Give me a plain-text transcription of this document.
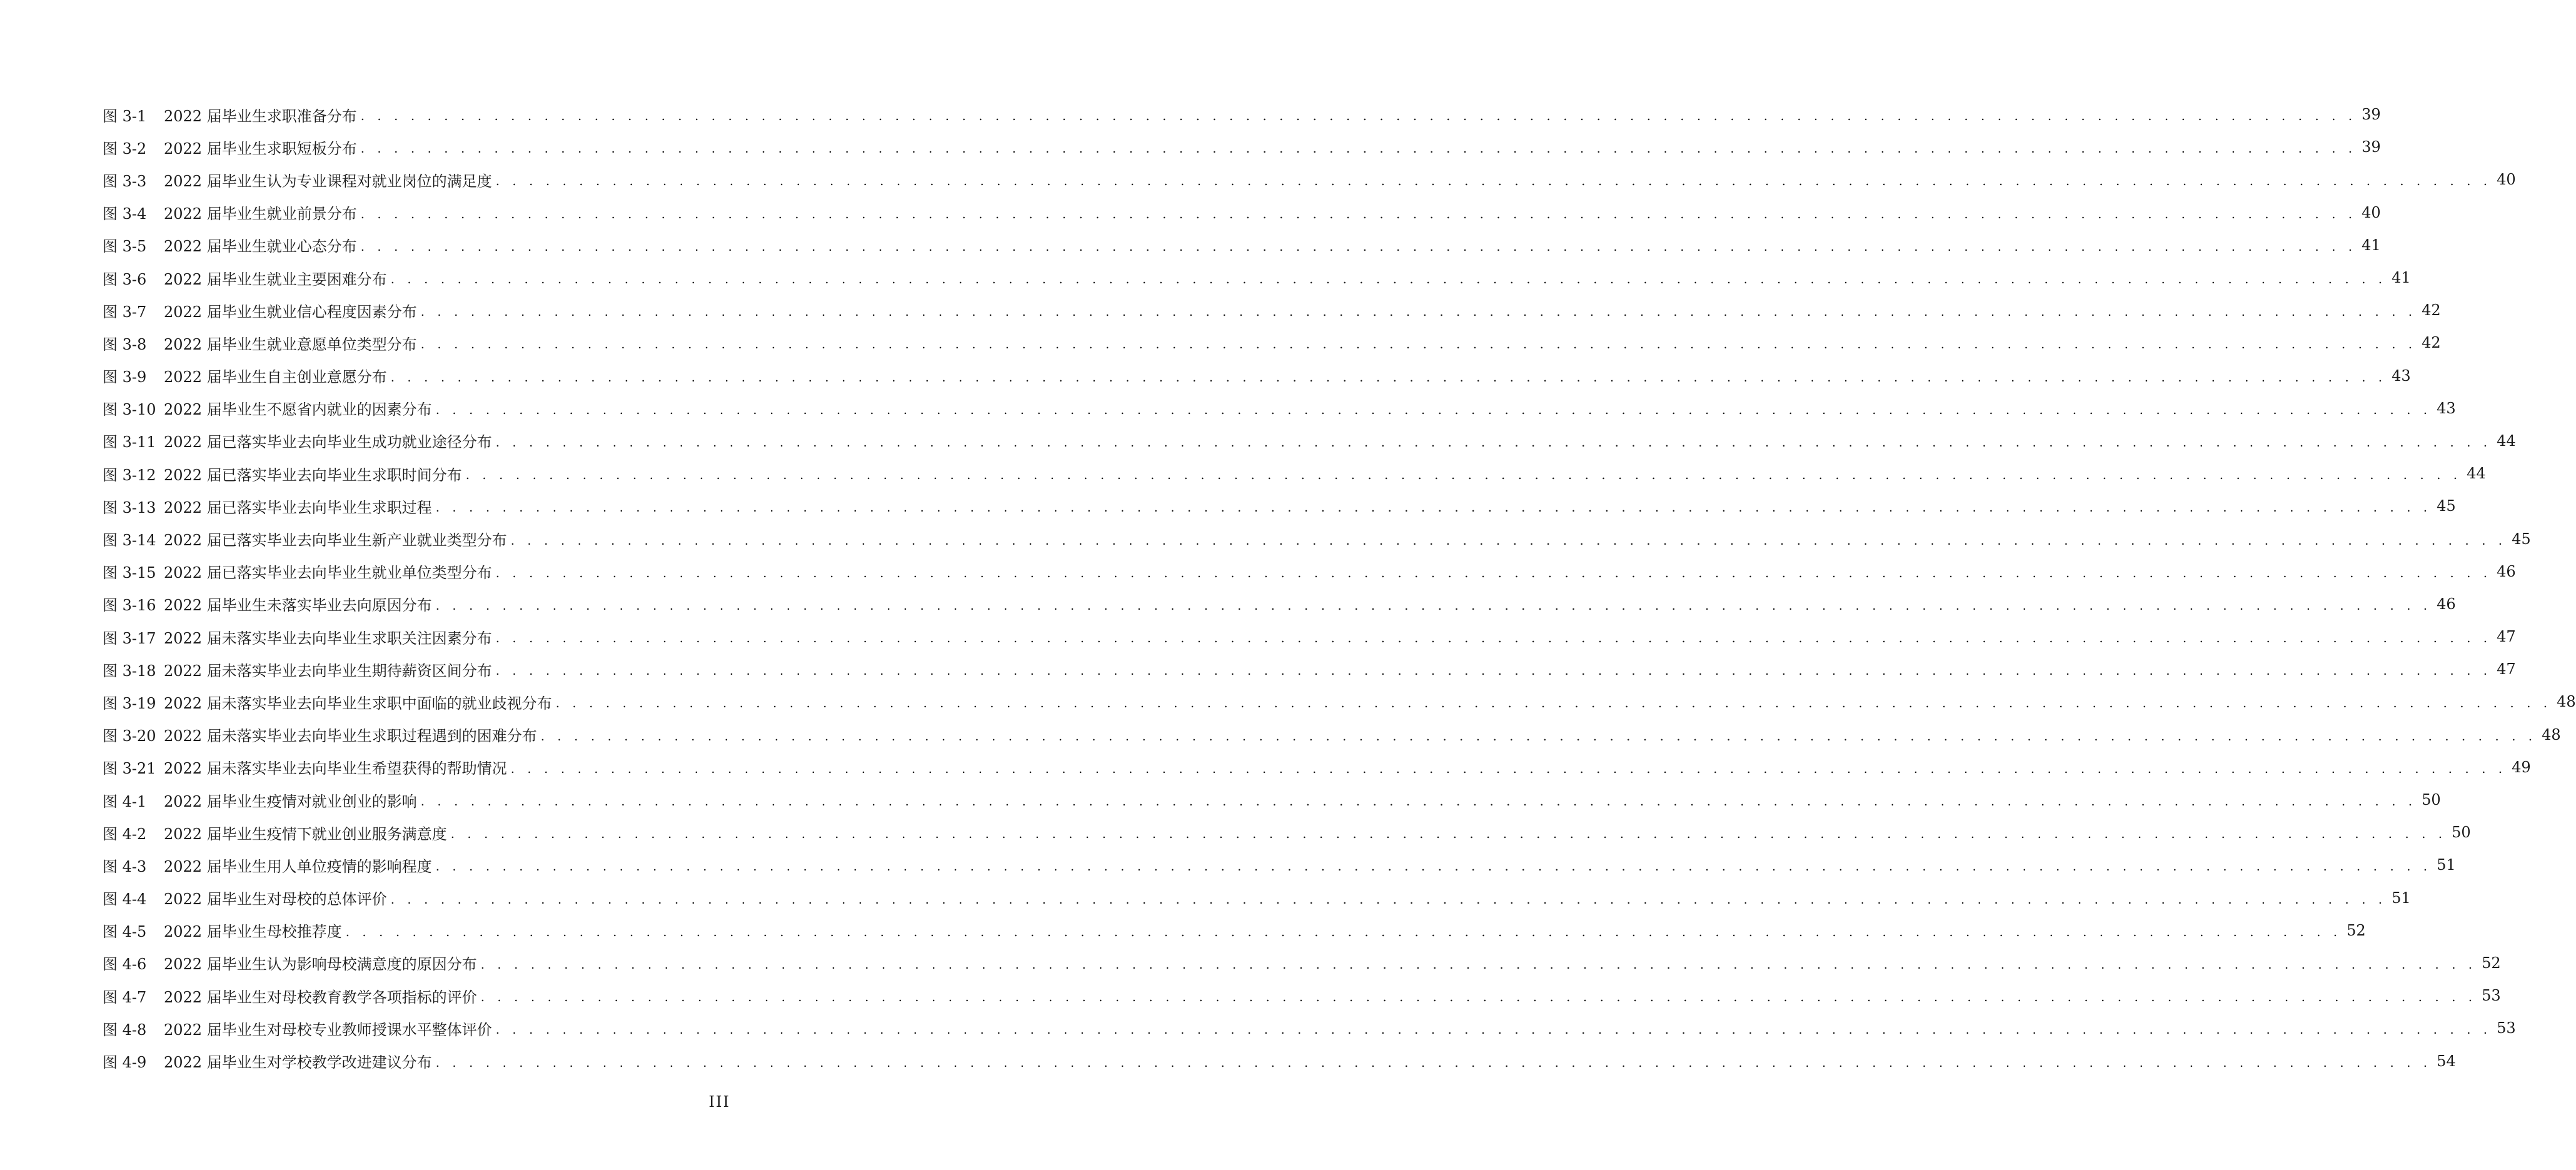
图 3-1	2022 届毕业生求职准备分布 . . . . . . . . . . . . . . . . . . . . . . . . . . . . . . . . . . . . . . . . . . . . . . . . . . . . . . . . . . . . . . . . . . . . . . . . . . . . . . . . . . . . . . . . . . . . . . . . . . . . . . . . . . . . . . . . . . . . . . . . 39
图 3-2	2022 届毕业生求职短板分布 . . . . . . . . . . . . . . . . . . . . . . . . . . . . . . . . . . . . . . . . . . . . . . . . . . . . . . . . . . . . . . . . . . . . . . . . . . . . . . . . . . . . . . . . . . . . . . . . . . . . . . . . . . . . . . . . . . . . . . . . 39
图 3-3	2022 届毕业生认为专业课程对就业岗位的满足度 . . . . . . . . . . . . . . . . . . . . . . . . . . . . . . . . . . . . . . . . . . . . . . . . . . . . . . . . . . . . . . . . . . . . . . . . . . . . . . . . . . . . . . . . . . . . . . . . . . . . . . . . . . . . . . . . . . . . . . . . 40
图 3-4	2022 届毕业生就业前景分布 . . . . . . . . . . . . . . . . . . . . . . . . . . . . . . . . . . . . . . . . . . . . . . . . . . . . . . . . . . . . . . . . . . . . . . . . . . . . . . . . . . . . . . . . . . . . . . . . . . . . . . . . . . . . . . . . . . . . . . . . 40
图 3-5	2022 届毕业生就业心态分布 . . . . . . . . . . . . . . . . . . . . . . . . . . . . . . . . . . . . . . . . . . . . . . . . . . . . . . . . . . . . . . . . . . . . . . . . . . . . . . . . . . . . . . . . . . . . . . . . . . . . . . . . . . . . . . . . . . . . . . . . 41
图 3-6	2022 届毕业生就业主要困难分布 . . . . . . . . . . . . . . . . . . . . . . . . . . . . . . . . . . . . . . . . . . . . . . . . . . . . . . . . . . . . . . . . . . . . . . . . . . . . . . . . . . . . . . . . . . . . . . . . . . . . . . . . . . . . . . . . . . . . . . . . 41
图 3-7	2022 届毕业生就业信心程度因素分布 . . . . . . . . . . . . . . . . . . . . . . . . . . . . . . . . . . . . . . . . . . . . . . . . . . . . . . . . . . . . . . . . . . . . . . . . . . . . . . . . . . . . . . . . . . . . . . . . . . . . . . . . . . . . . . . . . . . . . . . . 42
图 3-8	2022 届毕业生就业意愿单位类型分布 . . . . . . . . . . . . . . . . . . . . . . . . . . . . . . . . . . . . . . . . . . . . . . . . . . . . . . . . . . . . . . . . . . . . . . . . . . . . . . . . . . . . . . . . . . . . . . . . . . . . . . . . . . . . . . . . . . . . . . . . 42
图 3-9	2022 届毕业生自主创业意愿分布 . . . . . . . . . . . . . . . . . . . . . . . . . . . . . . . . . . . . . . . . . . . . . . . . . . . . . . . . . . . . . . . . . . . . . . . . . . . . . . . . . . . . . . . . . . . . . . . . . . . . . . . . . . . . . . . . . . . . . . . . 43
图 3-10 2022 届毕业生不愿省内就业的因素分布 . . . . . . . . . . . . . . . . . . . . . . . . . . . . . . . . . . . . . . . . . . . . . . . . . . . . . . . . . . . . . . . . . . . . . . . . . . . . . . . . . . . . . . . . . . . . . . . . . . . . . . . . . . . . . . . . . . . . . . . . 43
图 3-11 2022 届已落实毕业去向毕业生成功就业途径分布 . . . . . . . . . . . . . . . . . . . . . . . . . . . . . . . . . . . . . . . . . . . . . . . . . . . . . . . . . . . . . . . . . . . . . . . . . . . . . . . . . . . . . . . . . . . . . . . . . . . . . . . . . . . . . . . . . . . . . . . . 44
图 3-12 2022 届已落实毕业去向毕业生求职时间分布 . . . . . . . . . . . . . . . . . . . . . . . . . . . . . . . . . . . . . . . . . . . . . . . . . . . . . . . . . . . . . . . . . . . . . . . . . . . . . . . . . . . . . . . . . . . . . . . . . . . . . . . . . . . . . . . . . . . . . . . . 44
图 3-13 2022 届已落实毕业去向毕业生求职过程 . . . . . . . . . . . . . . . . . . . . . . . . . . . . . . . . . . . . . . . . . . . . . . . . . . . . . . . . . . . . . . . . . . . . . . . . . . . . . . . . . . . . . . . . . . . . . . . . . . . . . . . . . . . . . . . . . . . . . . . . 45
图 3-14 2022 届已落实毕业去向毕业生新产业就业类型分布 . . . . . . . . . . . . . . . . . . . . . . . . . . . . . . . . . . . . . . . . . . . . . . . . . . . . . . . . . . . . . . . . . . . . . . . . . . . . . . . . . . . . . . . . . . . . . . . . . . . . . . . . . . . . . . . . . . . . . . . . 45
图 3-15 2022 届已落实毕业去向毕业生就业单位类型分布 . . . . . . . . . . . . . . . . . . . . . . . . . . . . . . . . . . . . . . . . . . . . . . . . . . . . . . . . . . . . . . . . . . . . . . . . . . . . . . . . . . . . . . . . . . . . . . . . . . . . . . . . . . . . . . . . . . . . . . . . 46
图 3-16 2022 届毕业生未落实毕业去向原因分布 . . . . . . . . . . . . . . . . . . . . . . . . . . . . . . . . . . . . . . . . . . . . . . . . . . . . . . . . . . . . . . . . . . . . . . . . . . . . . . . . . . . . . . . . . . . . . . . . . . . . . . . . . . . . . . . . . . . . . . . . 46
图 3-17 2022 届未落实毕业去向毕业生求职关注因素分布 . . . . . . . . . . . . . . . . . . . . . . . . . . . . . . . . . . . . . . . . . . . . . . . . . . . . . . . . . . . . . . . . . . . . . . . . . . . . . . . . . . . . . . . . . . . . . . . . . . . . . . . . . . . . . . . . . . . . . . . . 47
图 3-18 2022 届未落实毕业去向毕业生期待薪资区间分布 . . . . . . . . . . . . . . . . . . . . . . . . . . . . . . . . . . . . . . . . . . . . . . . . . . . . . . . . . . . . . . . . . . . . . . . . . . . . . . . . . . . . . . . . . . . . . . . . . . . . . . . . . . . . . . . . . . . . . . . . 47
图 3-19 2022 届未落实毕业去向毕业生求职中面临的就业歧视分布 . . . . . . . . . . . . . . . . . . . . . . . . . . . . . . . . . . . . . . . . . . . . . . . . . . . . . . . . . . . . . . . . . . . . . . . . . . . . . . . . . . . . . . . . . . . . . . . . . . . . . . . . . . . . . . . . . . . . . . . . 48
图 3-20 2022 届未落实毕业去向毕业生求职过程遇到的困难分布 . . . . . . . . . . . . . . . . . . . . . . . . . . . . . . . . . . . . . . . . . . . . . . . . . . . . . . . . . . . . . . . . . . . . . . . . . . . . . . . . . . . . . . . . . . . . . . . . . . . . . . . . . . . . . . . . . . . . . . . . 48
图 3-21 2022 届未落实毕业去向毕业生希望获得的帮助情况 . . . . . . . . . . . . . . . . . . . . . . . . . . . . . . . . . . . . . . . . . . . . . . . . . . . . . . . . . . . . . . . . . . . . . . . . . . . . . . . . . . . . . . . . . . . . . . . . . . . . . . . . . . . . . . . . . . . . . . . . 49
图 4-1	2022 届毕业生疫情对就业创业的影响 . . . . . . . . . . . . . . . . . . . . . . . . . . . . . . . . . . . . . . . . . . . . . . . . . . . . . . . . . . . . . . . . . . . . . . . . . . . . . . . . . . . . . . . . . . . . . . . . . . . . . . . . . . . . . . . . . . . . . . . . 50
图 4-2	2022 届毕业生疫情下就业创业服务满意度 . . . . . . . . . . . . . . . . . . . . . . . . . . . . . . . . . . . . . . . . . . . . . . . . . . . . . . . . . . . . . . . . . . . . . . . . . . . . . . . . . . . . . . . . . . . . . . . . . . . . . . . . . . . . . . . . . . . . . . . . 50
图 4-3	2022 届毕业生用人单位疫情的影响程度 . . . . . . . . . . . . . . . . . . . . . . . . . . . . . . . . . . . . . . . . . . . . . . . . . . . . . . . . . . . . . . . . . . . . . . . . . . . . . . . . . . . . . . . . . . . . . . . . . . . . . . . . . . . . . . . . . . . . . . . . 51
图 4-4	2022 届毕业生对母校的总体评价 . . . . . . . . . . . . . . . . . . . . . . . . . . . . . . . . . . . . . . . . . . . . . . . . . . . . . . . . . . . . . . . . . . . . . . . . . . . . . . . . . . . . . . . . . . . . . . . . . . . . . . . . . . . . . . . . . . . . . . . . 51
图 4-5	2022 届毕业生母校推荐度 . . . . . . . . . . . . . . . . . . . . . . . . . . . . . . . . . . . . . . . . . . . . . . . . . . . . . . . . . . . . . . . . . . . . . . . . . . . . . . . . . . . . . . . . . . . . . . . . . . . . . . . . . . . . . . . . . . . . . . . . 52
图 4-6	2022 届毕业生认为影响母校满意度的原因分布 . . . . . . . . . . . . . . . . . . . . . . . . . . . . . . . . . . . . . . . . . . . . . . . . . . . . . . . . . . . . . . . . . . . . . . . . . . . . . . . . . . . . . . . . . . . . . . . . . . . . . . . . . . . . . . . . . . . . . . . . 52
图 4-7	2022 届毕业生对母校教育教学各项指标的评价 . . . . . . . . . . . . . . . . . . . . . . . . . . . . . . . . . . . . . . . . . . . . . . . . . . . . . . . . . . . . . . . . . . . . . . . . . . . . . . . . . . . . . . . . . . . . . . . . . . . . . . . . . . . . . . . . . . . . . . . . 53
图 4-8	2022 届毕业生对母校专业教师授课水平整体评价 . . . . . . . . . . . . . . . . . . . . . . . . . . . . . . . . . . . . . . . . . . . . . . . . . . . . . . . . . . . . . . . . . . . . . . . . . . . . . . . . . . . . . . . . . . . . . . . . . . . . . . . . . . . . . . . . . . . . . . . . 53
图 4-9	2022 届毕业生对学校教学改进建议分布 . . . . . . . . . . . . . . . . . . . . . . . . . . . . . . . . . . . . . . . . . . . . . . . . . . . . . . . . . . . . . . . . . . . . . . . . . . . . . . . . . . . . . . . . . . . . . . . . . . . . . . . . . . . . . . . . . . . . . . . . 54
III
